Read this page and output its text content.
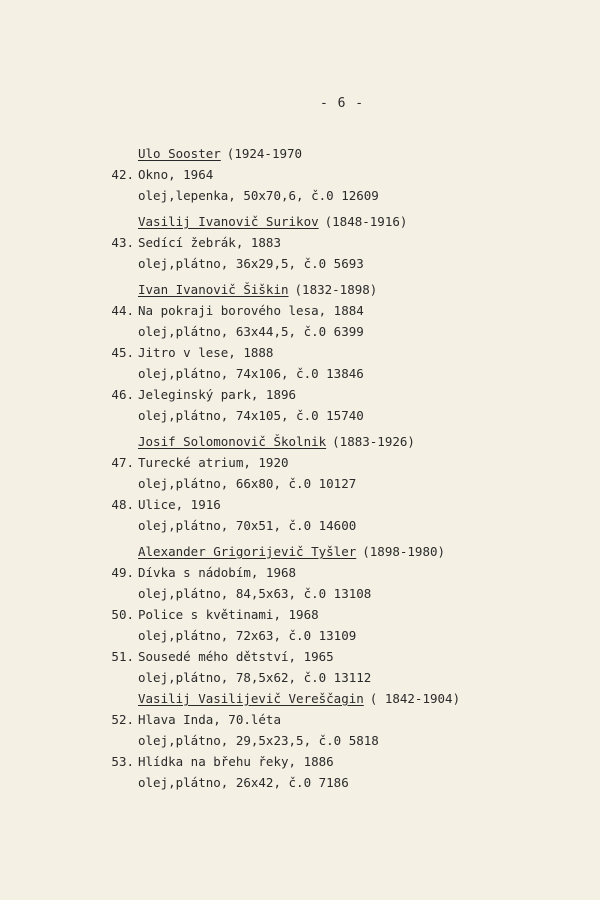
- 6 -
Ulo Sooster (1924-1970
42. Okno, 1964
olej,lepenka, 50x70,6, č.0 12609
Vasilij Ivanovič Surikov (1848-1916)
43. Sedící žebrák, 1883
olej,plátno, 36x29,5, č.0 5693
Ivan Ivanovič Šiškin (1832-1898)
44. Na pokraji borového lesa, 1884
olej,plátno, 63x44,5, č.0 6399
45. Jitro v lese, 1888
olej,plátno, 74x106, č.0 13846
46. Jeleginský park, 1896
olej,plátno, 74x105, č.0 15740
Josif Solomonovič Školnik (1883-1926)
47. Turecké atrium, 1920
olej,plátno, 66x80, č.0 10127
48. Ulice, 1916
olej,plátno, 70x51, č.0 14600
Alexander Grigorijevič Tyšler (1898-1980)
49. Dívka s nádobím, 1968
olej,plátno, 84,5x63, č.0 13108
50. Police s květinami, 1968
olej,plátno, 72x63, č.0 13109
51. Sousedé mého dětství, 1965
olej,plátno, 78,5x62, č.0 13112
Vasilij Vasilijevič Vereščagin ( 1842-1904)
52. Hlava Inda, 70.léta
olej,plátno, 29,5x23,5, č.0 5818
53. Hlídka na břehu řeky, 1886
olej,plátno, 26x42, č.0 7186
